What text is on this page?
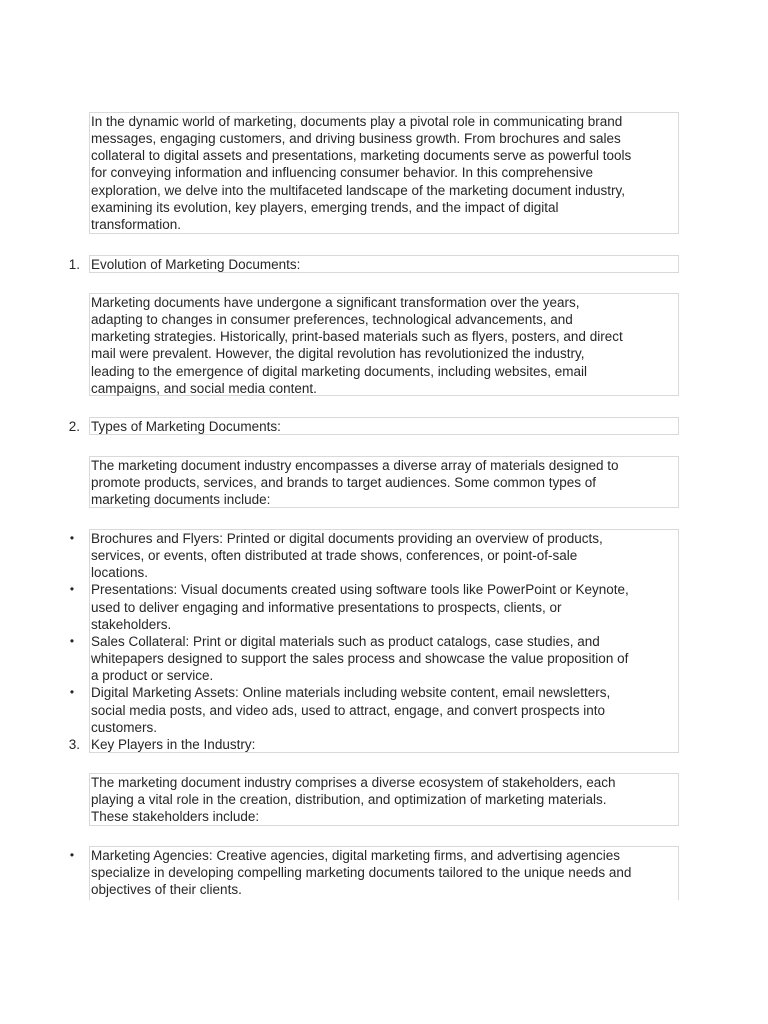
In the dynamic world of marketing, documents play a pivotal role in communicating brand
messages, engaging customers, and driving business growth. From brochures and sales
collateral to digital assets and presentations, marketing documents serve as powerful tools
for conveying information and influencing consumer behavior. In this comprehensive
exploration, we delve into the multifaceted landscape of the marketing document industry,
examining its evolution, key players, emerging trends, and the impact of digital
transformation.
1. Evolution of Marketing Documents:
Marketing documents have undergone a significant transformation over the years,
adapting to changes in consumer preferences, technological advancements, and
marketing strategies. Historically, print-based materials such as flyers, posters, and direct
mail were prevalent. However, the digital revolution has revolutionized the industry,
leading to the emergence of digital marketing documents, including websites, email
campaigns, and social media content.
2. Types of Marketing Documents:
The marketing document industry encompasses a diverse array of materials designed to
promote products, services, and brands to target audiences. Some common types of
marketing documents include:
• Brochures and Flyers: Printed or digital documents providing an overview of products,
services, or events, often distributed at trade shows, conferences, or point-of-sale
locations.
• Presentations: Visual documents created using software tools like PowerPoint or Keynote,
used to deliver engaging and informative presentations to prospects, clients, or
stakeholders.
• Sales Collateral: Print or digital materials such as product catalogs, case studies, and
whitepapers designed to support the sales process and showcase the value proposition of
a product or service.
• Digital Marketing Assets: Online materials including website content, email newsletters,
social media posts, and video ads, used to attract, engage, and convert prospects into
customers.
3. Key Players in the Industry:
The marketing document industry comprises a diverse ecosystem of stakeholders, each
playing a vital role in the creation, distribution, and optimization of marketing materials.
These stakeholders include:
• Marketing Agencies: Creative agencies, digital marketing firms, and advertising agencies
specialize in developing compelling marketing documents tailored to the unique needs and
objectives of their clients.
